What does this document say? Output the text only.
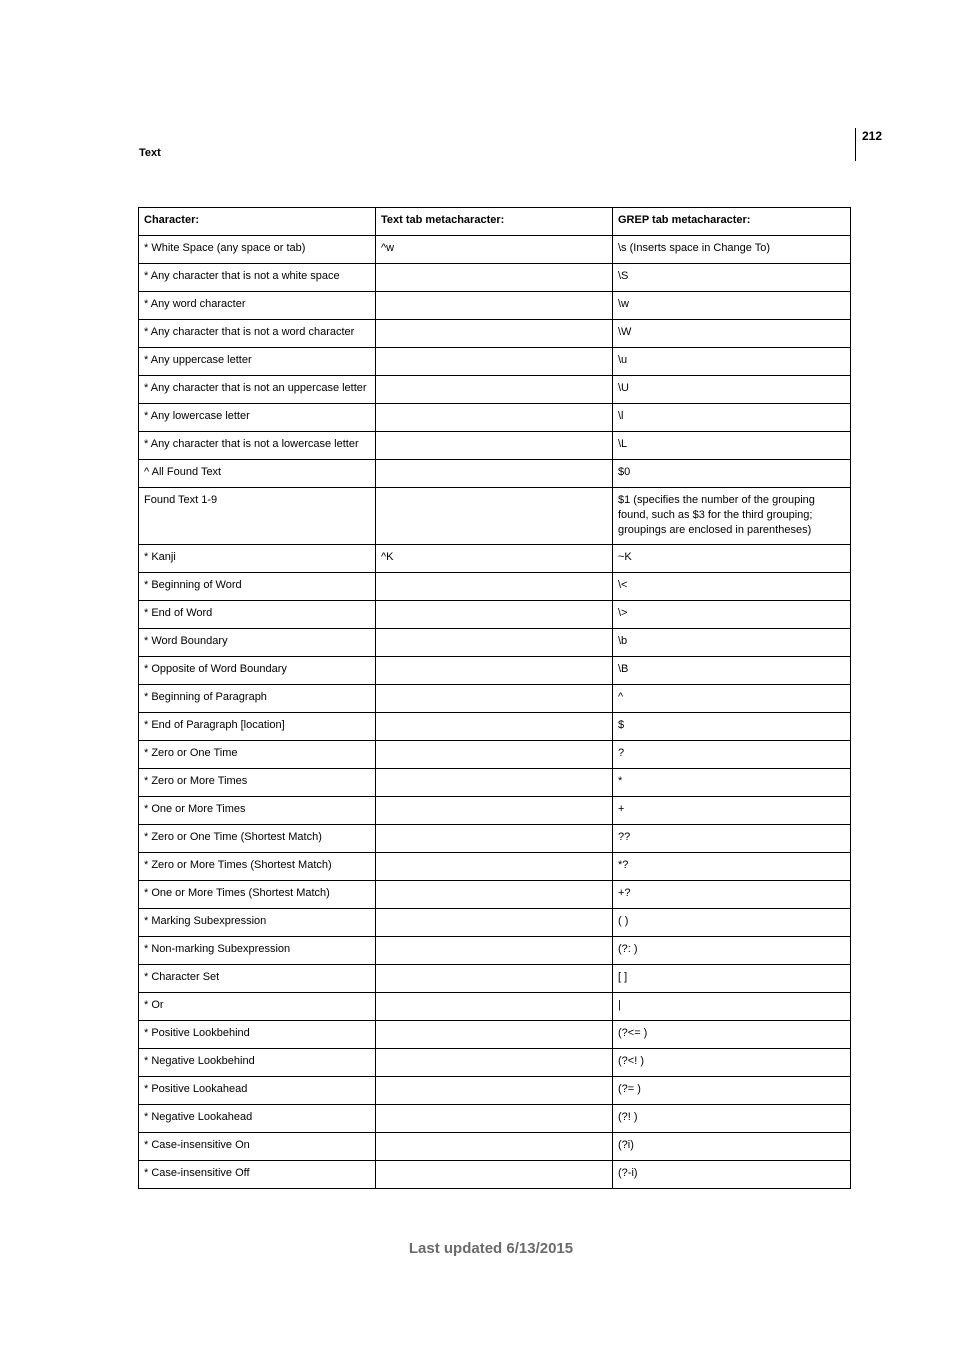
212
Text
Character:	Text tab metacharacter:	GREP tab metacharacter:
* White Space (any space or tab)	^w	\s (Inserts space in Change To)
* Any character that is not a white space		\S
* Any word character		\w
* Any character that is not a word character		\W
* Any uppercase letter		\u
* Any character that is not an uppercase letter		\U
* Any lowercase letter		\l
* Any character that is not a lowercase letter		\L
^ All Found Text		$0
Found Text 1-9		$1 (specifies the number of the grouping found, such as $3 for the third grouping; groupings are enclosed in parentheses)
* Kanji	^K	~K
* Beginning of Word		\<
* End of Word		\>
* Word Boundary		\b
* Opposite of Word Boundary		\B
* Beginning of Paragraph		^
* End of Paragraph [location]		$
* Zero or One Time		?
* Zero or More Times		*
* One or More Times		+
* Zero or One Time (Shortest Match)		??
* Zero or More Times (Shortest Match)		*?
* One or More Times (Shortest Match)		+?
* Marking Subexpression		( )
* Non-marking Subexpression		(?: )
* Character Set		[ ]
* Or		|
* Positive Lookbehind		(?<= )
* Negative Lookbehind		(?<! )
* Positive Lookahead		(?= )
* Negative Lookahead		(?! )
* Case-insensitive On		(?i)
* Case-insensitive Off		(?-i)
Last updated 6/13/2015
